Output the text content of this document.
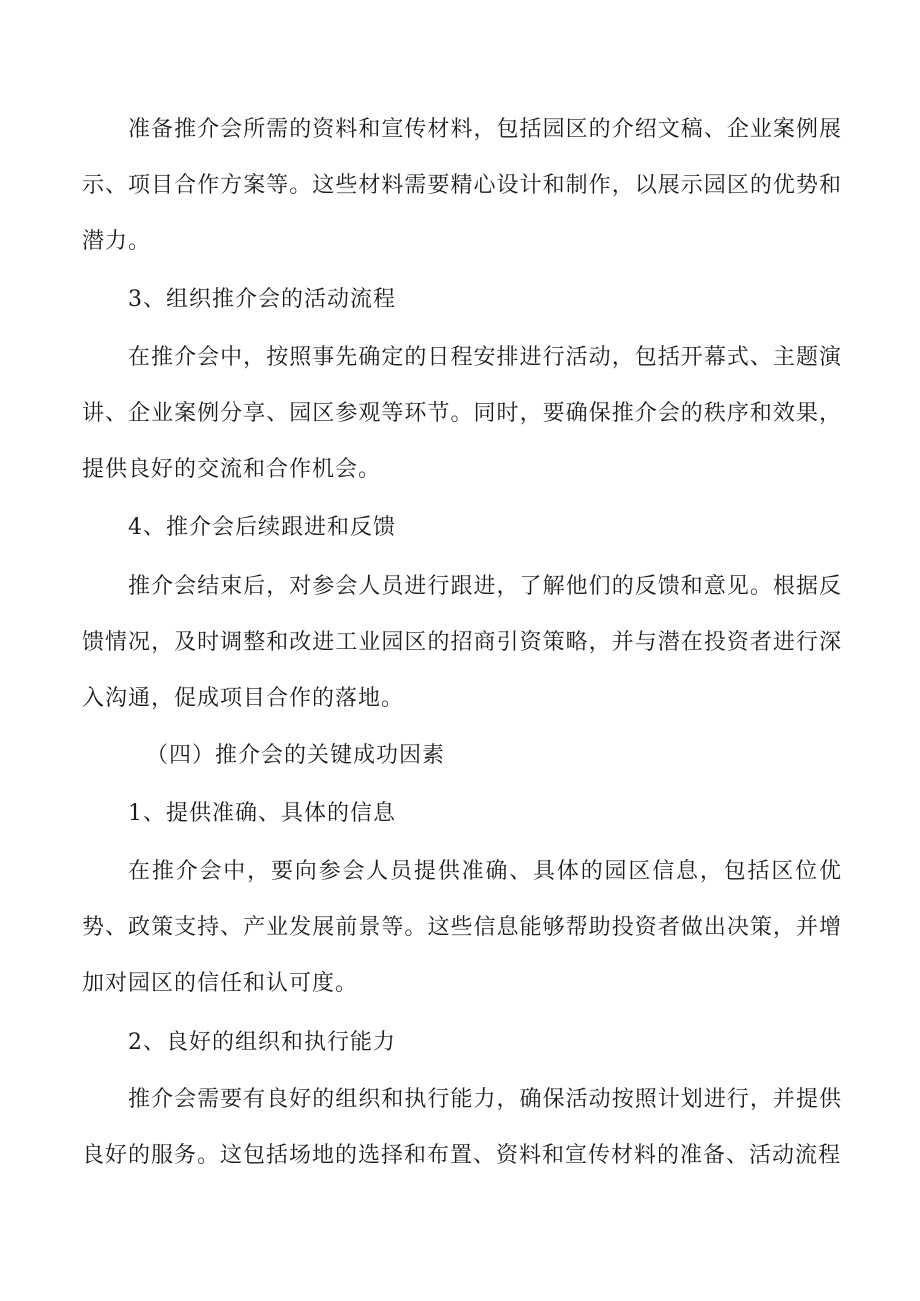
准备推介会所需的资料和宣传材料，包括园区的介绍文稿、企业案例展示、项目合作方案等。这些材料需要精心设计和制作，以展示园区的优势和潜力。

3、组织推介会的活动流程

在推介会中，按照事先确定的日程安排进行活动，包括开幕式、主题演讲、企业案例分享、园区参观等环节。同时，要确保推介会的秩序和效果，提供良好的交流和合作机会。

4、推介会后续跟进和反馈

推介会结束后，对参会人员进行跟进，了解他们的反馈和意见。根据反馈情况，及时调整和改进工业园区的招商引资策略，并与潜在投资者进行深入沟通，促成项目合作的落地。

（四）推介会的关键成功因素

1、提供准确、具体的信息

在推介会中，要向参会人员提供准确、具体的园区信息，包括区位优势、政策支持、产业发展前景等。这些信息能够帮助投资者做出决策，并增加对园区的信任和认可度。

2、良好的组织和执行能力

推介会需要有良好的组织和执行能力，确保活动按照计划进行，并提供良好的服务。这包括场地的选择和布置、资料和宣传材料的准备、活动流程
